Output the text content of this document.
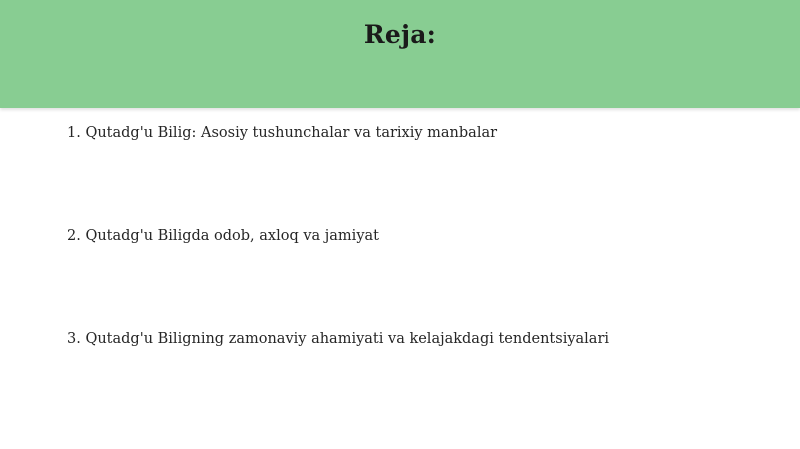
Reja:
1. Qutadg'u Bilig: Asosiy tushunchalar va tarixiy manbalar
2. Qutadg'u Biligda odob, axloq va jamiyat
3. Qutadg'u Biligning zamonaviy ahamiyati va kelajakdagi tendentsiyalari
